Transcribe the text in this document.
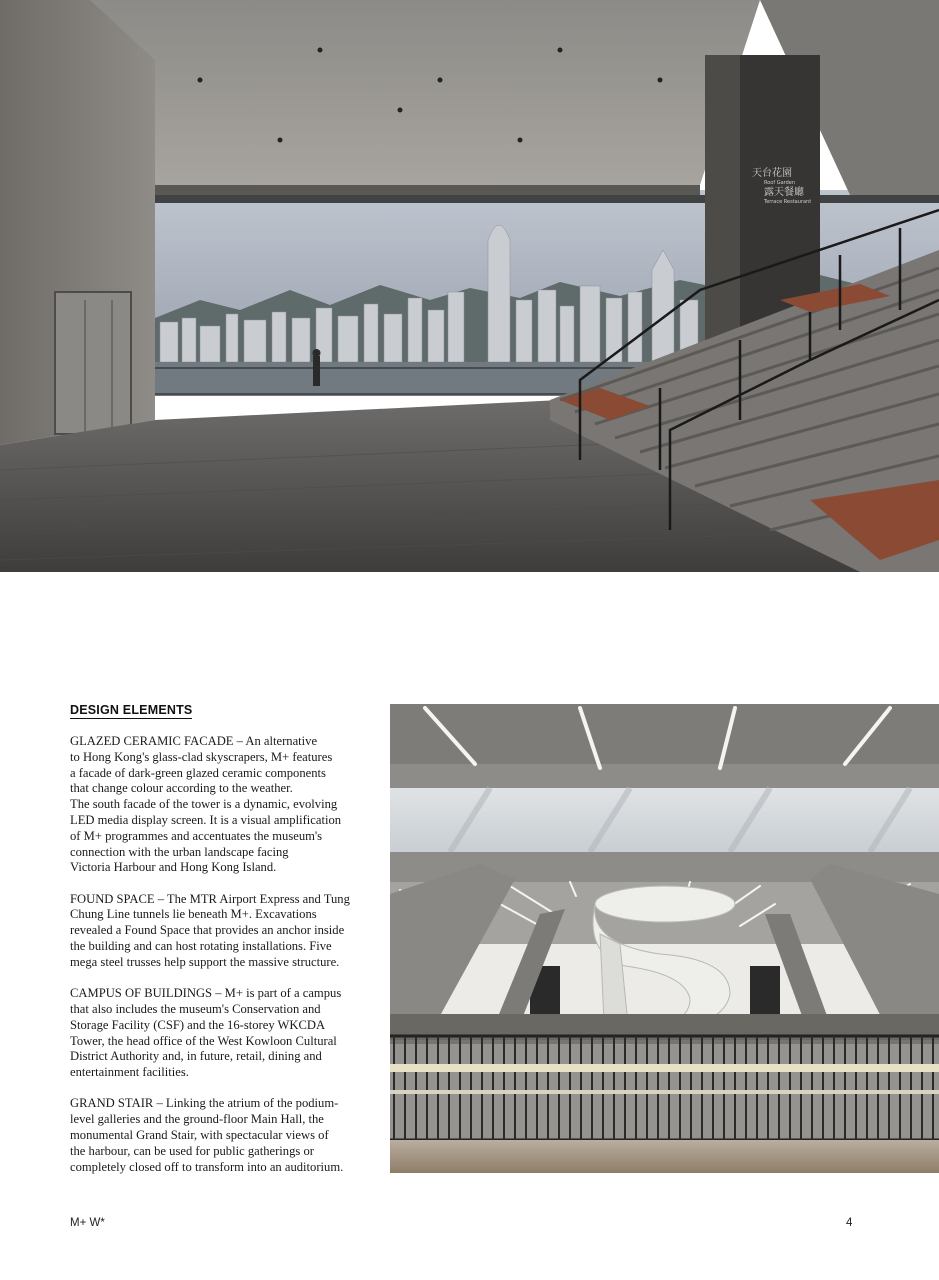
天台花園
Roof Garden
露天餐廳
Terrace Restaurant
DESIGN ELEMENTS

GLAZED CERAMIC FACADE – An alternative
to Hong Kong's glass-clad skyscrapers, M+ features
a facade of dark-green glazed ceramic components
that change colour according to the weather.
The south facade of the tower is a dynamic, evolving
LED media display screen. It is a visual amplification
of M+ programmes and accentuates the museum's
connection with the urban landscape facing
Victoria Harbour and Hong Kong Island.

FOUND SPACE – The MTR Airport Express and Tung
Chung Line tunnels lie beneath M+. Excavations
revealed a Found Space that provides an anchor inside
the building and can host rotating installations. Five
mega steel trusses help support the massive structure.

CAMPUS OF BUILDINGS – M+ is part of a campus
that also includes the museum's Conservation and
Storage Facility (CSF) and the 16-storey WKCDA
Tower, the head office of the West Kowloon Cultural
District Authority and, in future, retail, dining and
entertainment facilities.

GRAND STAIR – Linking the atrium of the podium-
level galleries and the ground-floor Main Hall, the
monumental Grand Stair, with spectacular views of
the harbour, can be used for public gatherings or
completely closed off to transform into an auditorium.

M+ W*	4
